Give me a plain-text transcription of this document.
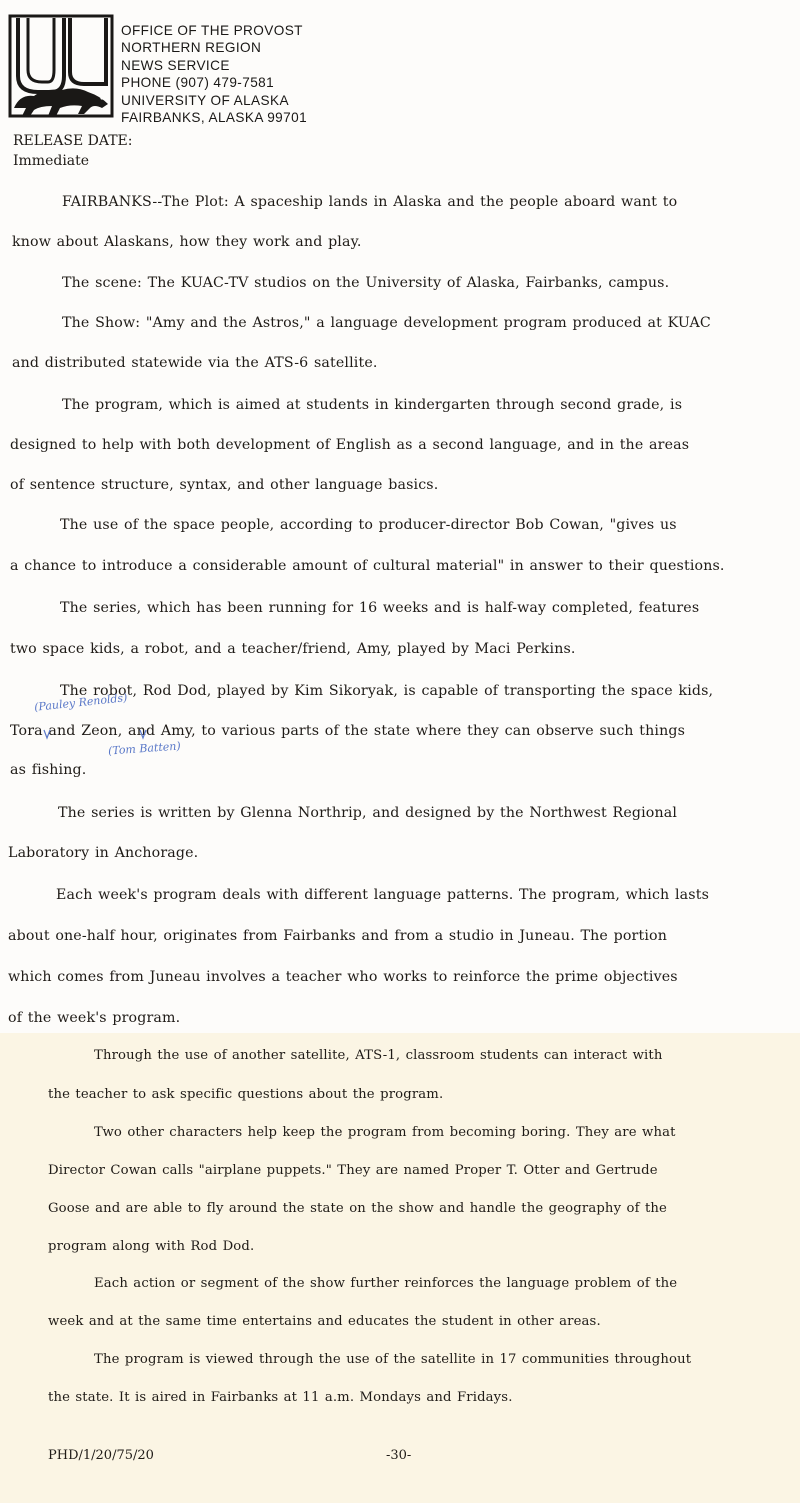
OFFICE OF THE PROVOST
NORTHERN REGION
NEWS SERVICE
PHONE (907) 479-7581
UNIVERSITY OF ALASKA
FAIRBANKS, ALASKA 99701
RELEASE DATE:
Immediate
FAIRBANKS--The Plot: A spaceship lands in Alaska and the people aboard want to
know about Alaskans, how they work and play.
The scene: The KUAC-TV studios on the University of Alaska, Fairbanks, campus.
The Show: "Amy and the Astros," a language development program produced at KUAC
and distributed statewide via the ATS-6 satellite.
The program, which is aimed at students in kindergarten through second grade, is
designed to help with both development of English as a second language, and in the areas
of sentence structure, syntax, and other language basics.
The use of the space people, according to producer-director Bob Cowan, "gives us
a chance to introduce a considerable amount of cultural material" in answer to their questions.
The series, which has been running for 16 weeks and is half-way completed, features
two space kids, a robot, and a teacher/friend, Amy, played by Maci Perkins.
The robot, Rod Dod, played by Kim Sikoryak, is capable of transporting the space kids,
Tora and Zeon, and Amy, to various parts of the state where they can observe such things
as fishing.
The series is written by Glenna Northrip, and designed by the Northwest Regional
Laboratory in Anchorage.
Each week's program deals with different language patterns. The program, which lasts
about one-half hour, originates from Fairbanks and from a studio in Juneau. The portion
which comes from Juneau involves a teacher who works to reinforce the prime objectives
of the week's program.
(Pauley Renolds)
(Tom Batten)
Through the use of another satellite, ATS-1, classroom students can interact with
the teacher to ask specific questions about the program.
Two other characters help keep the program from becoming boring. They are what
Director Cowan calls "airplane puppets." They are named Proper T. Otter and Gertrude
Goose and are able to fly around the state on the show and handle the geography of the
program along with Rod Dod.
Each action or segment of the show further reinforces the language problem of the
week and at the same time entertains and educates the student in other areas.
The program is viewed through the use of the satellite in 17 communities throughout
the state. It is aired in Fairbanks at 11 a.m. Mondays and Fridays.
PHD/1/20/75/20	-30-
